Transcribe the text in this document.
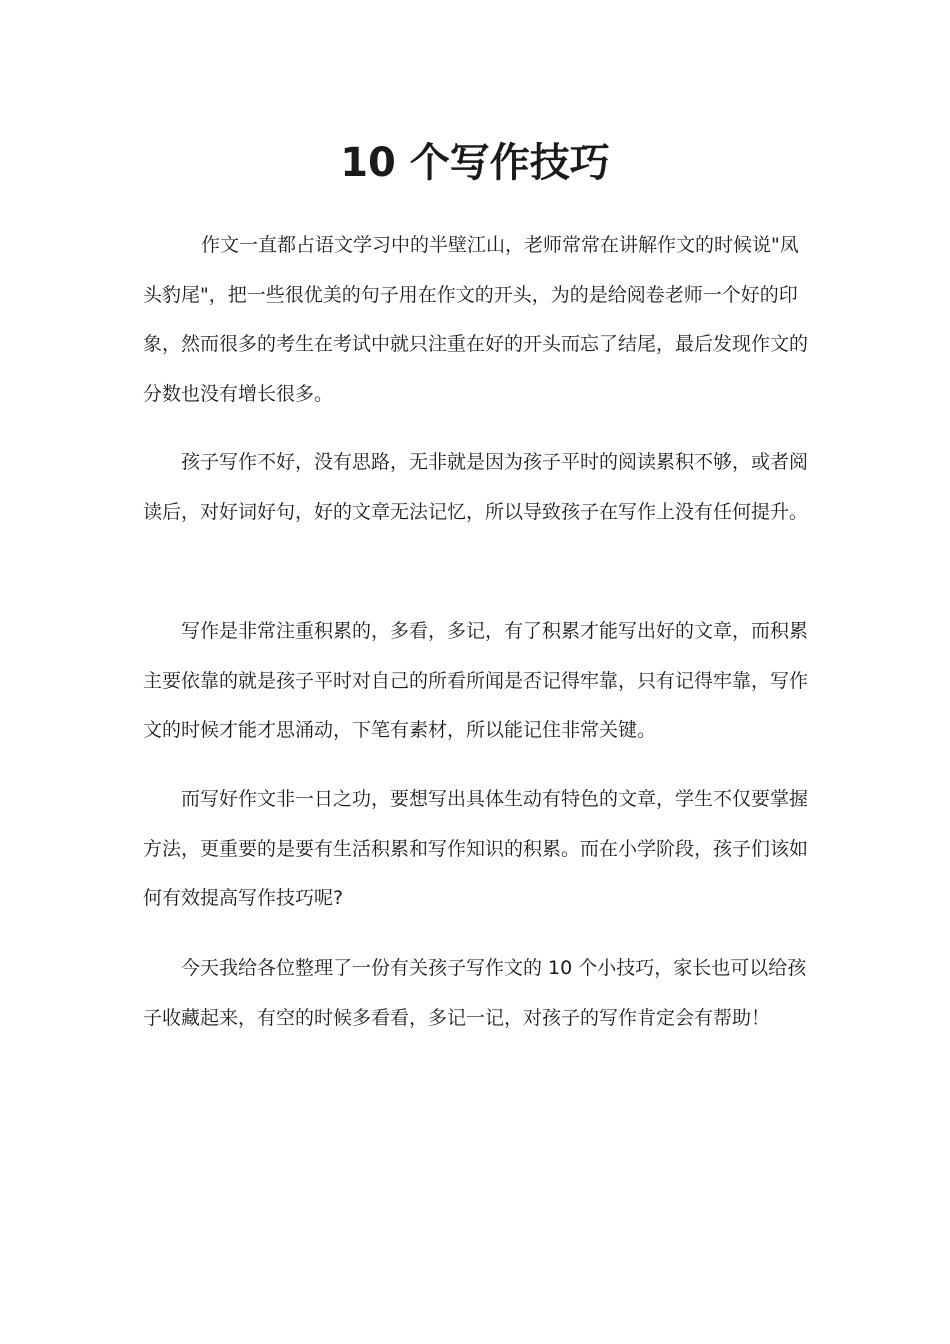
10 个写作技巧

作文一直都占语文学习中的半壁江山，老师常常在讲解作文的时候说"凤头豹尾"，把一些很优美的句子用在作文的开头，为的是给阅卷老师一个好的印象，然而很多的考生在考试中就只注重在好的开头而忘了结尾，最后发现作文的分数也没有增长很多。

孩子写作不好，没有思路，无非就是因为孩子平时的阅读累积不够，或者阅读后，对好词好句，好的文章无法记忆，所以导致孩子在写作上没有任何提升。

写作是非常注重积累的，多看，多记，有了积累才能写出好的文章，而积累主要依靠的就是孩子平时对自己的所看所闻是否记得牢靠，只有记得牢靠，写作文的时候才能才思涌动，下笔有素材，所以能记住非常关键。

而写好作文非一日之功，要想写出具体生动有特色的文章，学生不仅要掌握方法，更重要的是要有生活积累和写作知识的积累。而在小学阶段，孩子们该如何有效提高写作技巧呢?

今天我给各位整理了一份有关孩子写作文的 10 个小技巧，家长也可以给孩子收藏起来，有空的时候多看看，多记一记，对孩子的写作肯定会有帮助！
